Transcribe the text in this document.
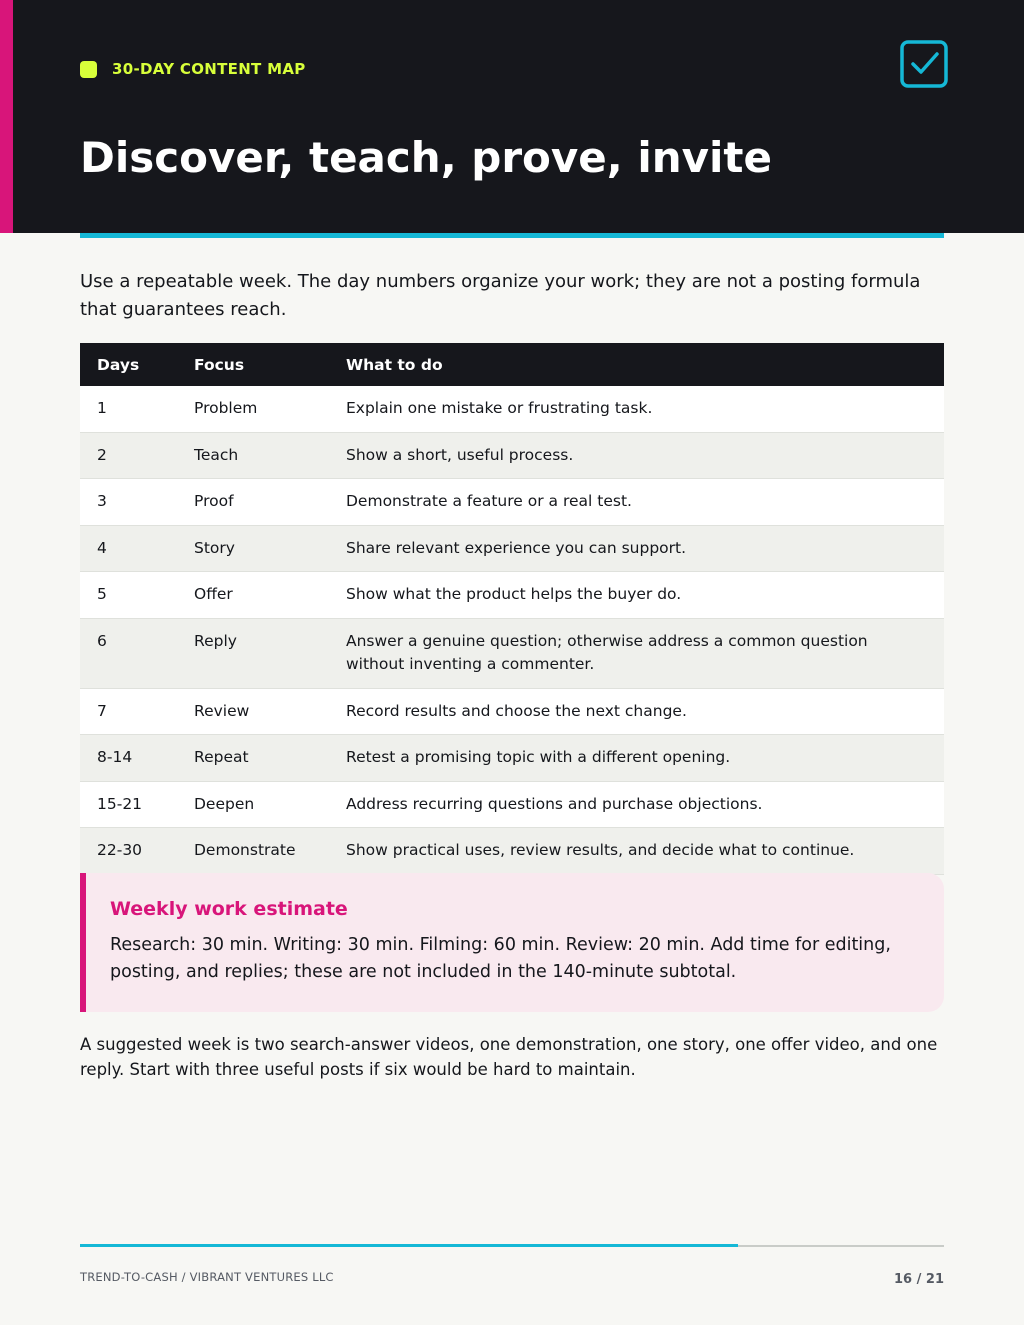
30-DAY CONTENT MAP
Discover, teach, prove, invite

Use a repeatable week. The day numbers organize your work; they are not a posting formula that guarantees reach.

Days	Focus	What to do
1	Problem	Explain one mistake or frustrating task.
2	Teach	Show a short, useful process.
3	Proof	Demonstrate a feature or a real test.
4	Story	Share relevant experience you can support.
5	Offer	Show what the product helps the buyer do.
6	Reply	Answer a genuine question; otherwise address a common question without inventing a commenter.
7	Review	Record results and choose the next change.
8-14	Repeat	Retest a promising topic with a different opening.
15-21	Deepen	Address recurring questions and purchase objections.
22-30	Demonstrate	Show practical uses, review results, and decide what to continue.
Weekly work estimate

Research: 30 min. Writing: 30 min. Filming: 60 min. Review: 20 min. Add time for editing, posting, and replies; these are not included in the 140-minute subtotal.

A suggested week is two search-answer videos, one demonstration, one story, one offer video, and one reply. Start with three useful posts if six would be hard to maintain.

TREND-TO-CASH / VIBRANT VENTURES LLC	16 / 21
